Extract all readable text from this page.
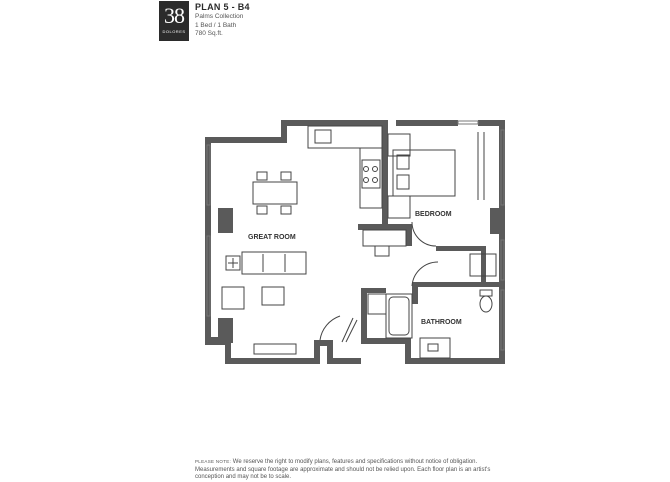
38
DOLORES
PLAN 5 - B4
Palms Collection
1 Bed / 1 Bath
780 Sq.ft.
GREAT ROOM
BEDROOM
BATHROOM
PLEASE NOTE: We reserve the right to modify plans, features and specifications without notice of obligation. Measurements and square footage are approximate and should not be relied upon. Each floor plan is an artist's conception and may not be to scale.
